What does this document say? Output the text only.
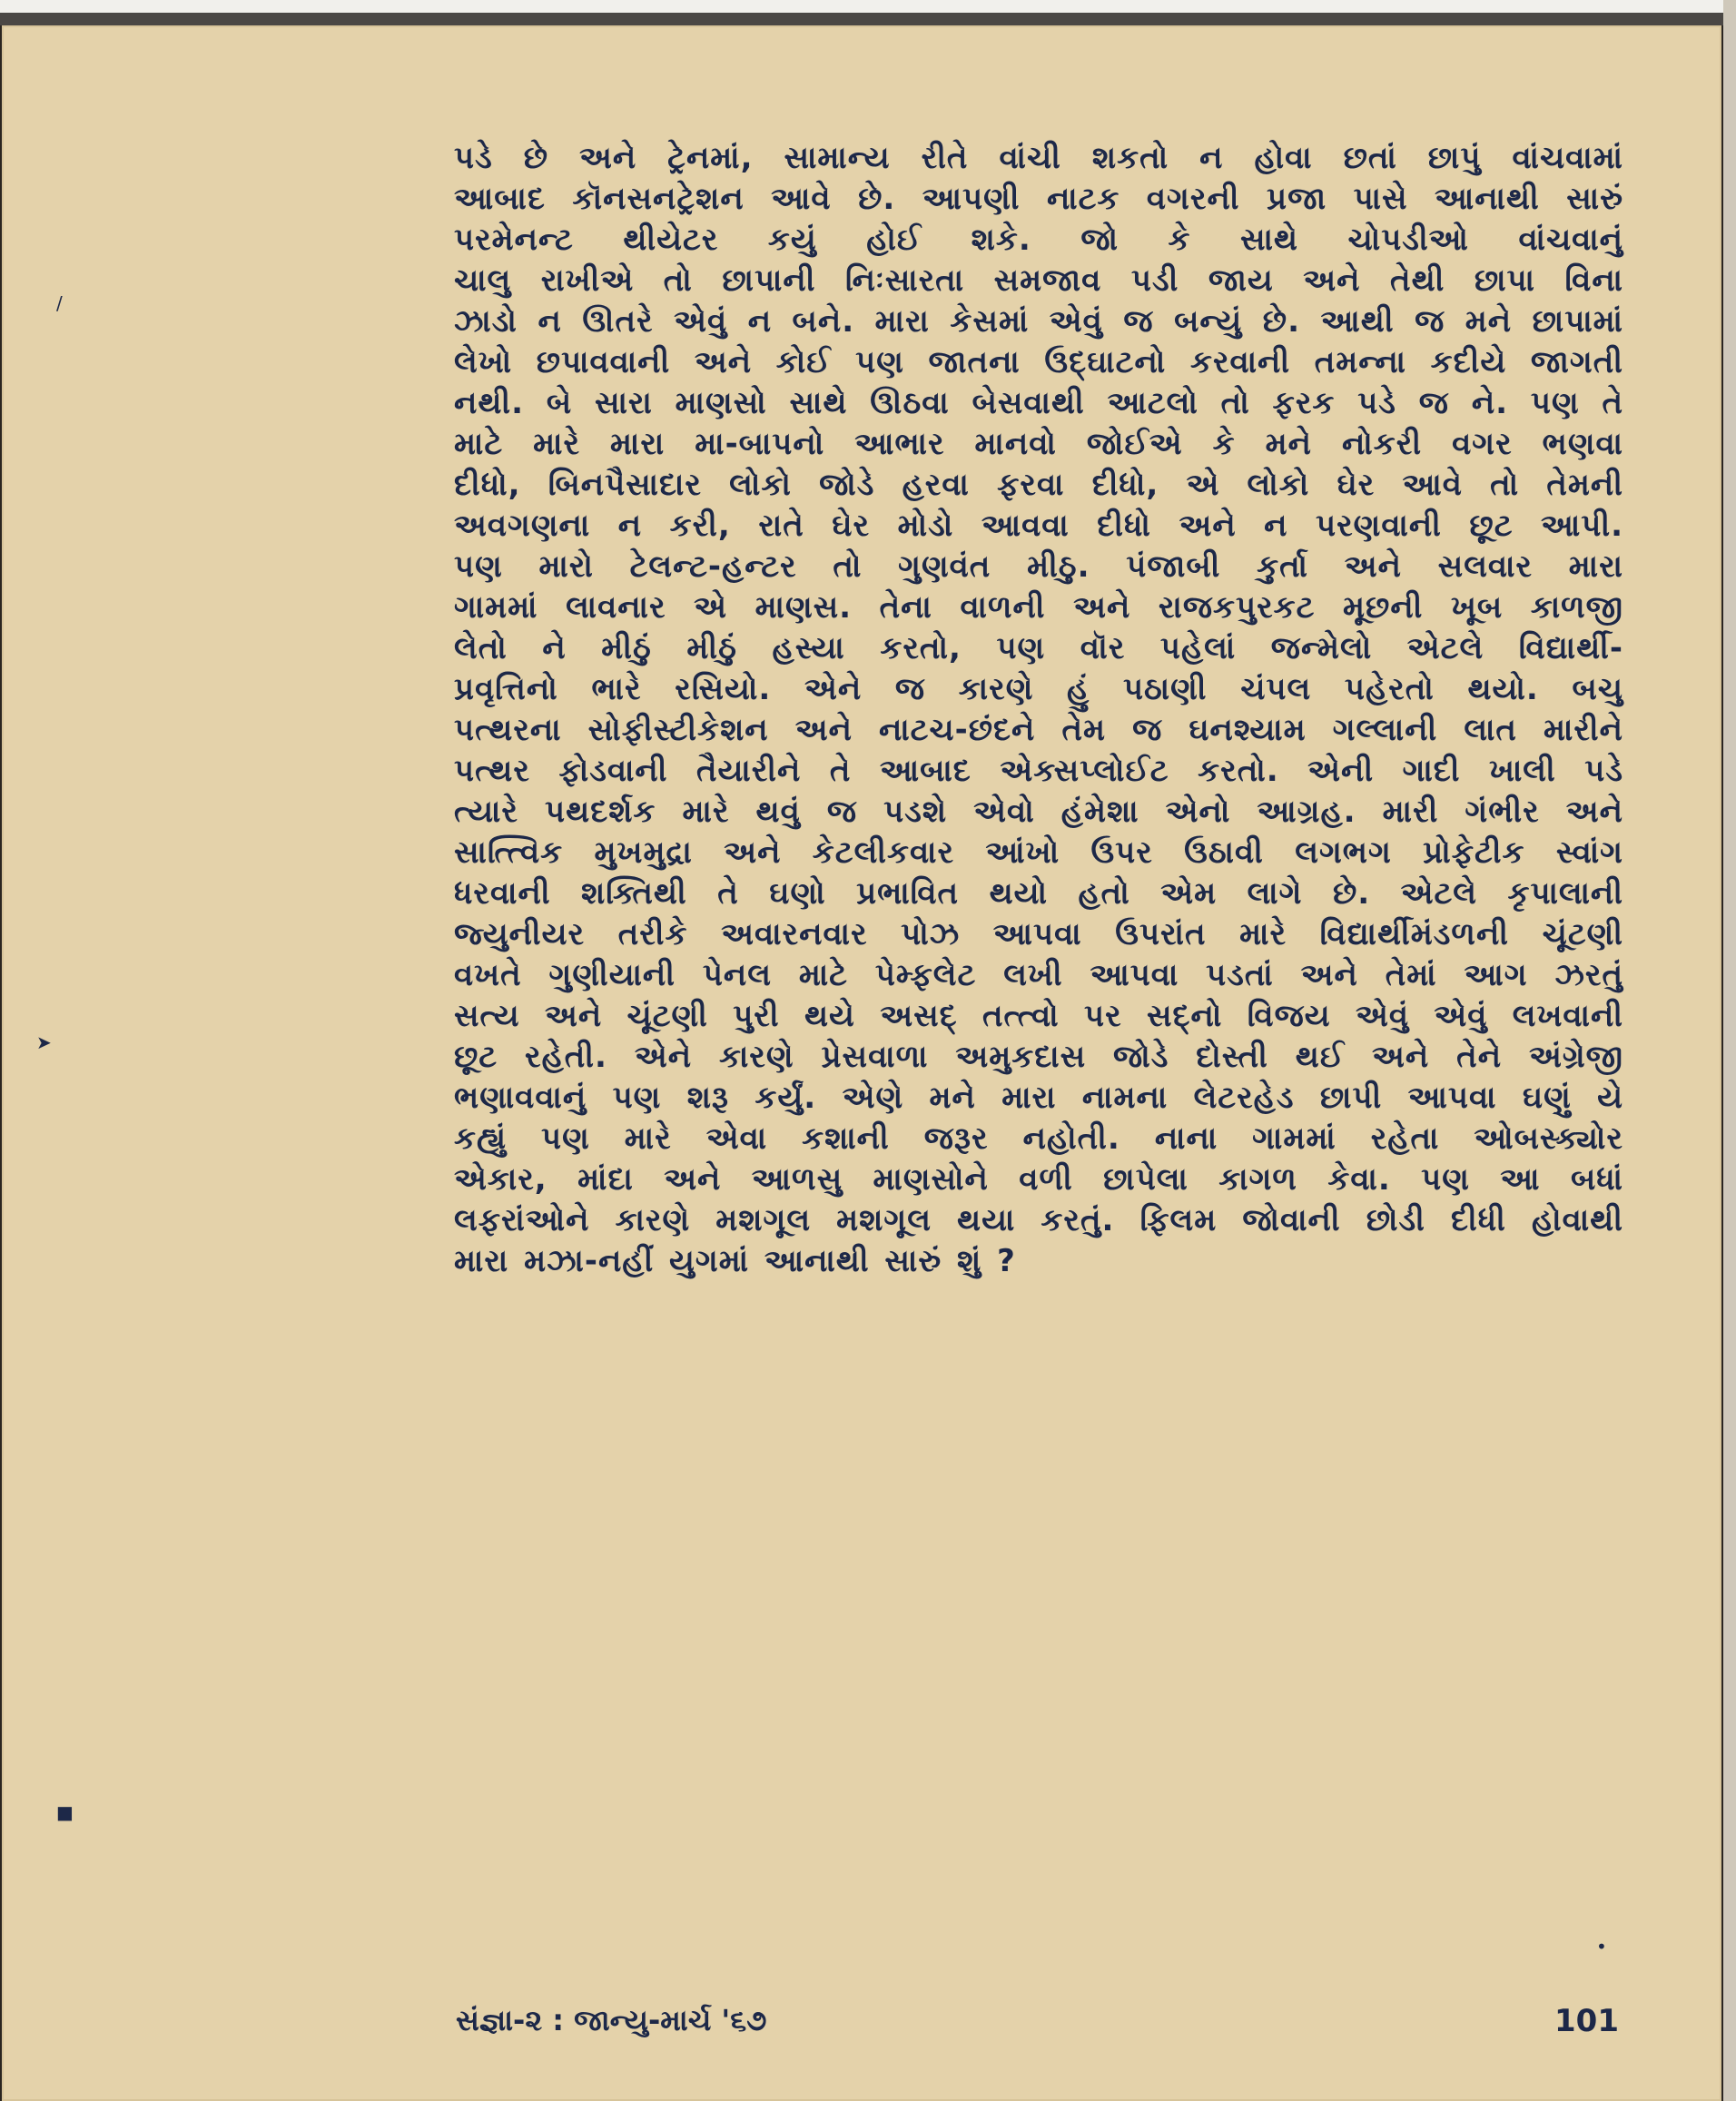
/
➤
■
•
પડે છે અને ટ્રેનમાં, સામાન્ય રીતે વાંચી શકતો ન હોવા છતાં છાપું વાંચવામાં
આબાદ કૉનસનટ્રેશન આવે છે. આપણી નાટક વગરની પ્રજા પાસે આનાથી સારું
પરમેનન્ટ થીયેટર કયું હોઈ શકે. જો કે સાથે ચોપડીઓ વાંચવાનું
ચાલુ રાખીએ તો છાપાની નિઃસારતા સમજાવ પડી જાય અને તેથી છાપા વિના
ઝાડો ન ઊતરે એવું ન બને. મારા કેસમાં એવું જ બન્યું છે. આથી જ મને છાપામાં
લેખો છપાવવાની અને કોઈ પણ જાતના ઉદ્ઘાટનો કરવાની તમન્ના કદીયે જાગતી
નથી. બે સારા માણસો સાથે ઊઠવા બેસવાથી આટલો તો ફરક પડે જ ને. પણ તે
માટે મારે મારા મા-બાપનો આભાર માનવો જોઈએ કે મને નોકરી વગર ભણવા
દીધો, બિનપૈસાદાર લોકો જોડે હરવા ફરવા દીધો, એ લોકો ઘેર આવે તો તેમની
અવગણના ન કરી, રાતે ઘેર મોડો આવવા દીધો અને ન પરણવાની છૂટ આપી.
પણ મારો ટેલન્ટ-હન્ટર તો ગુણવંત મીઠુ. પંજાબી કુર્તા અને સલવાર મારા
ગામમાં લાવનાર એ માણસ. તેના વાળની અને રાજકપુરકટ મૂછની ખૂબ કાળજી
લેતો ને મીઠું મીઠું હસ્યા કરતો, પણ વૉર પહેલાં જન્મેલો એટલે વિદ્યાર્થી-
પ્રવૃત્તિનો ભારે રસિયો. એને જ કારણે હું પઠાણી ચંપલ પહેરતો થયો. બચુ
પત્થરના સોફીસ્ટીકેશન અને નાટચ-છંદને તેમ જ ઘનશ્યામ ગલ્લાની લાત મારીને
પત્થર ફોડવાની તૈયારીને તે આબાદ એક્સપ્લોઈટ કરતો. એની ગાદી ખાલી પડે
ત્યારે પથદર્શક મારે થવું જ પડશે એવો હંમેશા એનો આગ્રહ. મારી ગંભીર અને
સાત્ત્વિક મુખમુદ્રા અને કેટલીકવાર આંખો ઉપર ઉઠાવી લગભગ પ્રોફેટીક સ્વાંગ
ધરવાની શક્તિથી તે ઘણો પ્રભાવિત થયો હતો એમ લાગે છે. એટલે કૃપાલાની
જ્યુનીયર તરીકે અવારનવાર પોઝ આપવા ઉપરાંત મારે વિદ્યાર્થીમંડળની ચૂંટણી
વખતે ગુણીયાની પેનલ માટે પેમ્ફલેટ લખી આપવા પડતાં અને તેમાં આગ ઝરતું
સત્ય અને ચૂંટણી પુરી થયે અસદ્ તત્ત્વો પર સદ્નો વિજય એવું એવું લખવાની
છૂટ રહેતી. એને કારણે પ્રેસવાળા અમુકદાસ જોડે દોસ્તી થઈ અને તેને અંગ્રેજી
ભણાવવાનું પણ શરૂ કર્યું. એણે મને મારા નામના લેટરહેડ છાપી આપવા ઘણું યે
કહ્યું પણ મારે એવા કશાની જરૂર નહોતી. નાના ગામમાં રહેતા ઓબસ્ક્યોર
એકાર, માંદા અને આળસુ માણસોને વળી છાપેલા કાગળ કેવા. પણ આ બધાં
લફરાંઓને કારણે મશગૂલ મશગૂલ થયા કરતું. ફિલમ જોવાની છોડી દીધી હોવાથી
મારા મઝા-નહીં યુગમાં આનાથી સારું શું ?
સંજ્ઞા-૨ : જાન્યુ-માર્ચ '૬૭	101
